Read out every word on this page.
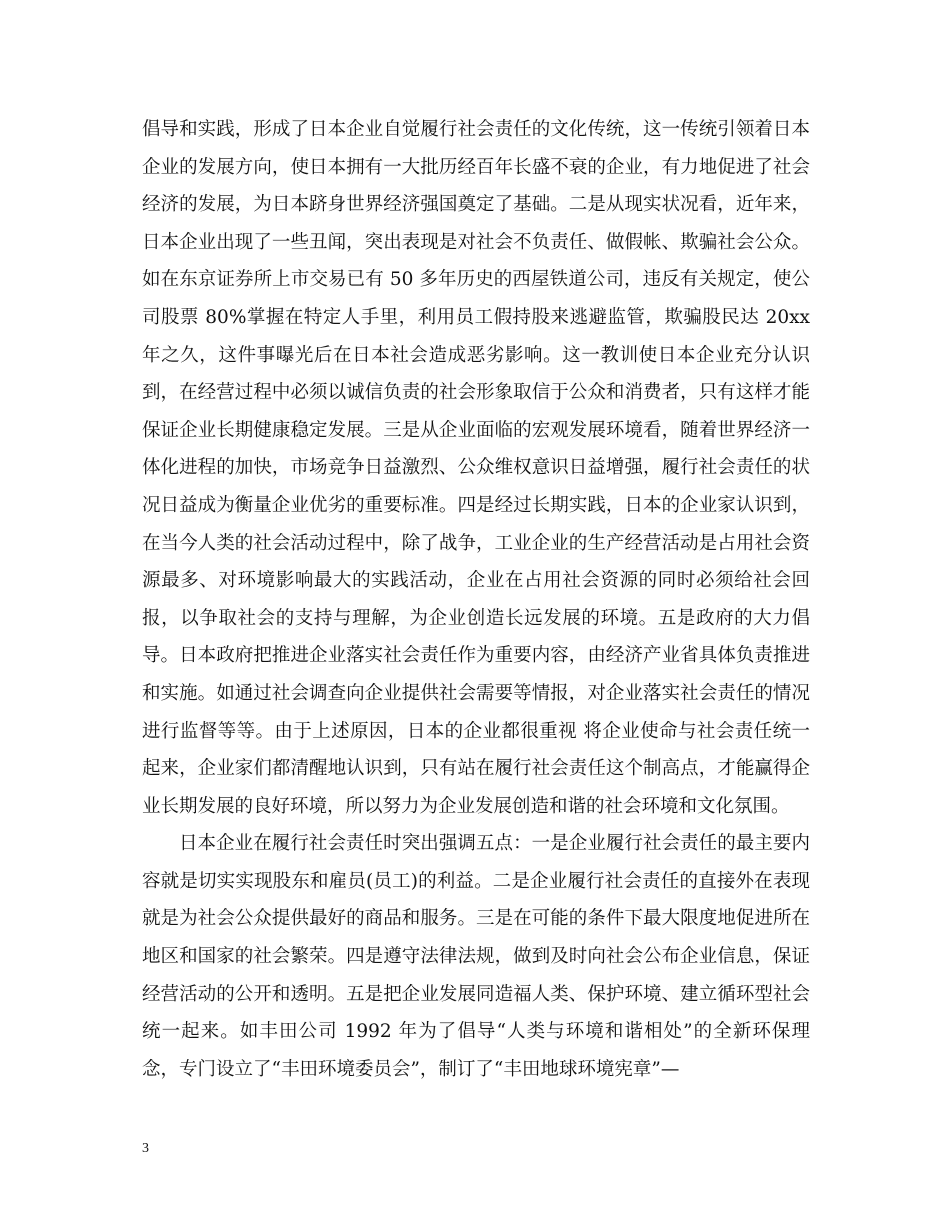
倡导和实践，形成了日本企业自觉履行社会责任的文化传统，这一传统引领着日本企业的发展方向，使日本拥有一大批历经百年长盛不衰的企业，有力地促进了社会经济的发展，为日本跻身世界经济强国奠定了基础。二是从现实状况看，近年来，日本企业出现了一些丑闻，突出表现是对社会不负责任、做假帐、欺骗社会公众。如在东京证券所上市交易已有 50 多年历史的西屋铁道公司，违反有关规定，使公司股票 80%掌握在特定人手里，利用员工假持股来逃避监管，欺骗股民达 20xx 年之久，这件事曝光后在日本社会造成恶劣影响。这一教训使日本企业充分认识到，在经营过程中必须以诚信负责的社会形象取信于公众和消费者，只有这样才能保证企业长期健康稳定发展。三是从企业面临的宏观发展环境看，随着世界经济一体化进程的加快，市场竞争日益激烈、公众维权意识日益增强，履行社会责任的状况日益成为衡量企业优劣的重要标准。四是经过长期实践，日本的企业家认识到，在当今人类的社会活动过程中，除了战争，工业企业的生产经营活动是占用社会资源最多、对环境影响最大的实践活动，企业在占用社会资源的同时必须给社会回报，以争取社会的支持与理解，为企业创造长远发展的环境。五是政府的大力倡导。日本政府把推进企业落实社会责任作为重要内容，由经济产业省具体负责推进和实施。如通过社会调查向企业提供社会需要等情报，对企业落实社会责任的情况进行监督等等。由于上述原因，日本的企业都很重视 将企业使命与社会责任统一起来，企业家们都清醒地认识到，只有站在履行社会责任这个制高点，才能赢得企业长期发展的良好环境，所以努力为企业发展创造和谐的社会环境和文化氛围。

日本企业在履行社会责任时突出强调五点：一是企业履行社会责任的最主要内容就是切实实现股东和雇员(员工)的利益。二是企业履行社会责任的直接外在表现就是为社会公众提供最好的商品和服务。三是在可能的条件下最大限度地促进所在地区和国家的社会繁荣。四是遵守法律法规，做到及时向社会公布企业信息，保证经营活动的公开和透明。五是把企业发展同造福人类、保护环境、建立循环型社会统一起来。如丰田公司 1992 年为了倡导“人类与环境和谐相处”的全新环保理念，专门设立了“丰田环境委员会”，制订了“丰田地球环境宪章”—

3
